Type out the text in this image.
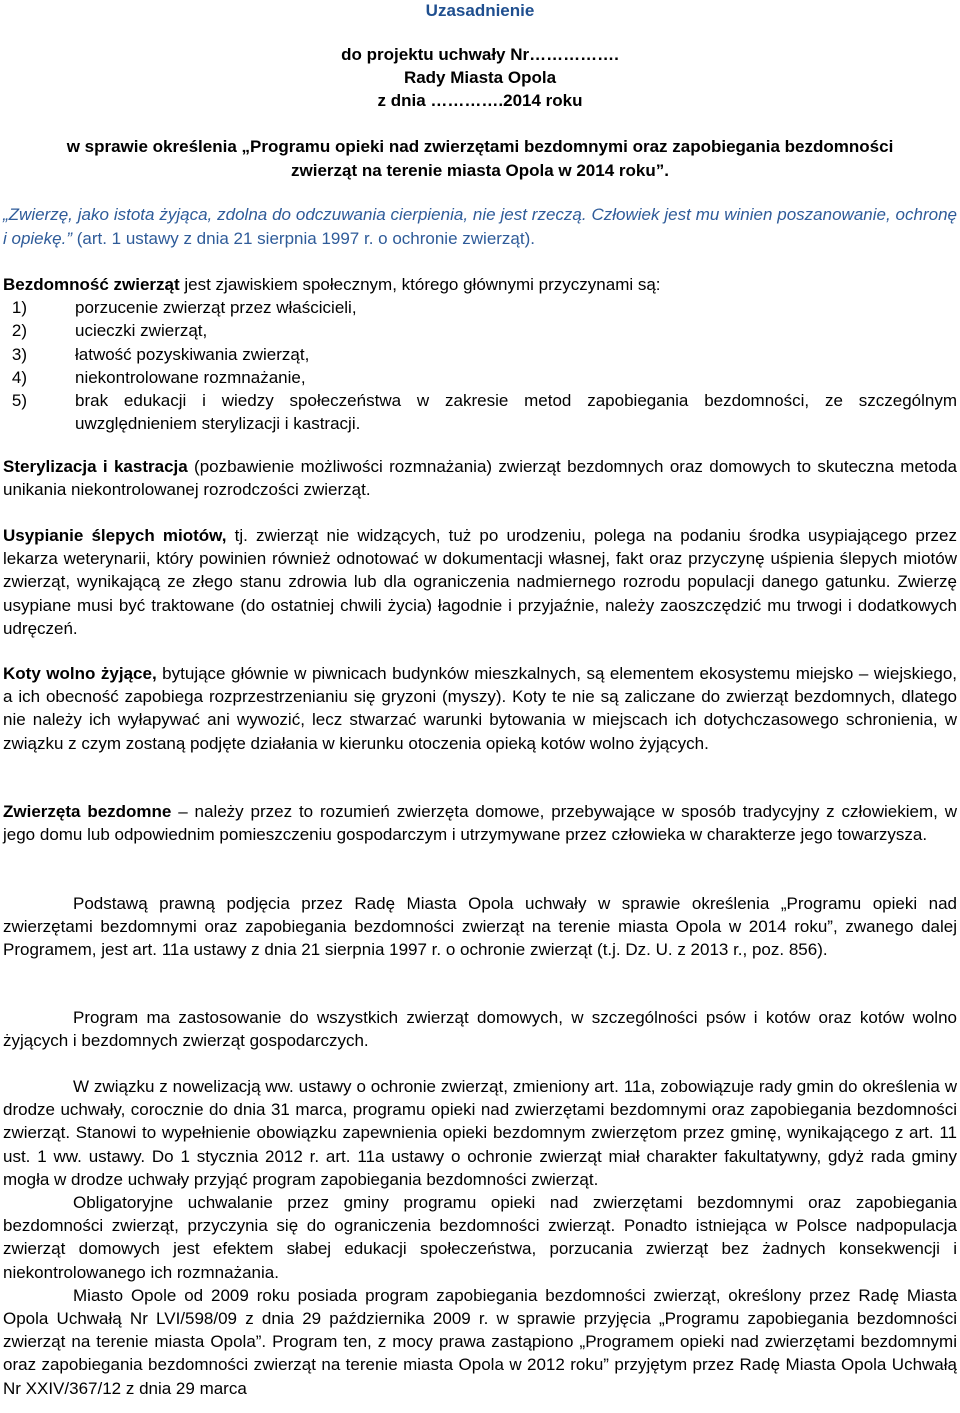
Uzasadnienie
do projektu uchwały Nr…………….
Rady Miasta Opola
z dnia ………….2014 roku
w sprawie określenia „Programu opieki nad zwierzętami bezdomnymi oraz zapobiegania bezdomności zwierząt na terenie miasta Opola w 2014 roku”.
„Zwierzę, jako istota żyjąca, zdolna do odczuwania cierpienia, nie jest rzeczą. Człowiek jest mu winien poszanowanie, ochronę i opiekę.” (art. 1 ustawy z dnia 21 sierpnia 1997 r. o ochronie zwierząt).

Bezdomność zwierząt jest zjawiskiem społecznym, którego głównymi przyczynami są:

1)	porzucenie zwierząt przez właścicieli,
2)	ucieczki zwierząt,
3)	łatwość pozyskiwania zwierząt,
4)	niekontrolowane rozmnażanie,
5)	brak edukacji i wiedzy społeczeństwa w zakresie metod zapobiegania bezdomności, ze szczególnym uwzględnieniem sterylizacji i kastracji.

Sterylizacja i kastracja (pozbawienie możliwości rozmnażania) zwierząt bezdomnych oraz domowych to skuteczna metoda unikania niekontrolowanej rozrodczości zwierząt.

Usypianie ślepych miotów, tj. zwierząt nie widzących, tuż po urodzeniu, polega na podaniu środka usypiającego przez lekarza weterynarii, który powinien również odnotować w dokumentacji własnej, fakt oraz przyczynę uśpienia ślepych miotów zwierząt, wynikającą ze złego stanu zdrowia lub dla ograniczenia nadmiernego rozrodu populacji danego gatunku. Zwierzę usypiane musi być traktowane (do ostatniej chwili życia) łagodnie i przyjaźnie, należy zaoszczędzić mu trwogi i dodatkowych udręczeń.

Koty wolno żyjące, bytujące głównie w piwnicach budynków mieszkalnych, są elementem ekosystemu miejsko – wiejskiego, a ich obecność zapobiega rozprzestrzenianiu się gryzoni (myszy). Koty te nie są zaliczane do zwierząt bezdomnych, dlatego nie należy ich wyłapywać ani wywozić, lecz stwarzać warunki bytowania w miejscach ich dotychczasowego schronienia, w związku z czym zostaną podjęte działania w kierunku otoczenia opieką kotów wolno żyjących.

Zwierzęta bezdomne – należy przez to rozumień zwierzęta domowe, przebywające w sposób tradycyjny z człowiekiem, w jego domu lub odpowiednim pomieszczeniu gospodarczym i utrzymywane przez człowieka w charakterze jego towarzysza.

Podstawą prawną podjęcia przez Radę Miasta Opola uchwały w sprawie określenia „Programu opieki nad zwierzętami bezdomnymi oraz zapobiegania bezdomności zwierząt na terenie miasta Opola w 2014 roku”, zwanego dalej Programem, jest art. 11a ustawy z dnia 21 sierpnia 1997 r. o ochronie zwierząt (t.j. Dz. U. z 2013 r., poz. 856).

Program ma zastosowanie do wszystkich zwierząt domowych, w szczególności psów i kotów oraz kotów wolno żyjących i bezdomnych zwierząt gospodarczych.

W związku z nowelizacją ww. ustawy o ochronie zwierząt, zmieniony art. 11a, zobowiązuje rady gmin do określenia w drodze uchwały, corocznie do dnia 31 marca, programu opieki nad zwierzętami bezdomnymi oraz zapobiegania bezdomności zwierząt. Stanowi to wypełnienie obowiązku zapewnienia opieki bezdomnym zwierzętom przez gminę, wynikającego z art. 11 ust. 1 ww. ustawy. Do 1 stycznia 2012 r. art. 11a ustawy o ochronie zwierząt miał charakter fakultatywny, gdyż rada gminy mogła w drodze uchwały przyjąć program zapobiegania bezdomności zwierząt.

Obligatoryjne uchwalanie przez gminy programu opieki nad zwierzętami bezdomnymi oraz zapobiegania bezdomności zwierząt, przyczynia się do ograniczenia bezdomności zwierząt. Ponadto istniejąca w Polsce nadpopulacja zwierząt domowych jest efektem słabej edukacji społeczeństwa, porzucania zwierząt bez żadnych konsekwencji i niekontrolowanego ich rozmnażania.

Miasto Opole od 2009 roku posiada program zapobiegania bezdomności zwierząt, określony przez Radę Miasta Opola Uchwałą Nr LVI/598/09 z dnia 29 października 2009 r. w sprawie przyjęcia „Programu zapobiegania bezdomności zwierząt na terenie miasta Opola”. Program ten, z mocy prawa zastąpiono „Programem opieki nad zwierzętami bezdomnymi oraz zapobiegania bezdomności zwierząt na terenie miasta Opola w 2012 roku” przyjętym przez Radę Miasta Opola Uchwałą Nr XXIV/367/12 z dnia 29 marca
